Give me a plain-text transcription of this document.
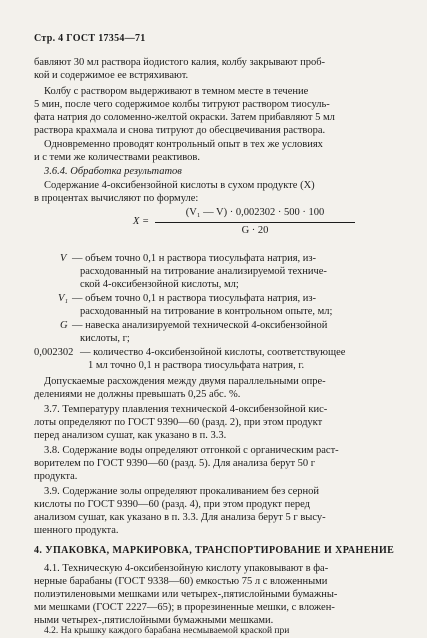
Стр. 4 ГОСТ 17354—71
бавляют 30 мл раствора йодистого калия, колбу закрывают проб-
кой и содержимое ее встряхивают.
Колбу с раствором выдерживают в темном месте в течение
5 мин, после чего содержимое колбы титруют раствором тиосуль-
фата натрия до соломенно-желтой окраски. Затем прибавляют 5 мл
раствора крахмала и снова титруют до обесцвечивания раствора.
Одновременно проводят контрольный опыт в тех же условиях
и с теми же количествами реактивов.
3.6.4. Обработка результатов
Содержание 4-оксибензойной кислоты в сухом продукте (X)
в процентах вычисляют по формуле:
X =
(V₁ — V) · 0,002302 · 500 · 100
G · 20
V — объем точно 0,1 н раствора тиосульфата натрия, из-
расходованный на титрование анализируемой техниче-
ской 4-оксибензойной кислоты, мл;
V₁ — объем точно 0,1 н раствора тиосульфата натрия, из-
расходованный на титрование в контрольном опыте, мл;
G — навеска анализируемой технической 4-оксибензойной
кислоты, г;
0,002302 — количество 4-оксибензойной кислоты, соответствующее
1 мл точно 0,1 н раствора тиосульфата натрия, г.
Допускаемые расхождения между двумя параллельными опре-
делениями не должны превышать 0,25 абс. %.
3.7. Температуру плавления технической 4-оксибензойной кис-
лоты определяют по ГОСТ 9390—60 (разд. 2), при этом продукт
перед анализом сушат, как указано в п. 3.3.
3.8. Содержание воды определяют отгонкой с органическим раст-
ворителем по ГОСТ 9390—60 (разд. 5). Для анализа берут 50 г
продукта.
3.9. Содержание золы определяют прокаливанием без серной
кислоты по ГОСТ 9390—60 (разд. 4), при этом продукт перед
анализом сушат, как указано в п. 3.3. Для анализа берут 5 г высу-
шенного продукта.
4. УПАКОВКА, МАРКИРОВКА, ТРАНСПОРТИРОВАНИЕ И ХРАНЕНИЕ
4.1. Техническую 4-оксибензойную кислоту упаковывают в фа-
нерные барабаны (ГОСТ 9338—60) емкостью 75 л с вложенными
полиэтиленовыми мешками или четырех-,пятислойными бумажны-
ми мешками (ГОСТ 2227—65); в прорезиненные мешки, с вложен-
ными четырех-,пятислойными бумажными мешками.
4.2. На крышку каждого барабана несмываемой краской при
